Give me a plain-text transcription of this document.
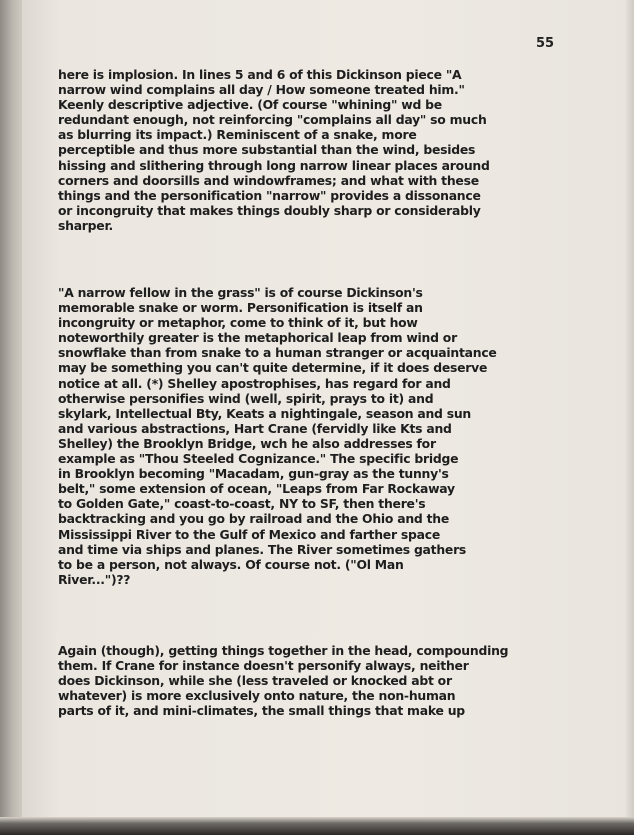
55
here is implosion. In lines 5 and 6 of this Dickinson piece "A
narrow wind complains all day / How someone treated him."
Keenly descriptive adjective. (Of course "whining" wd be
redundant enough, not reinforcing "complains all day" so much
as blurring its impact.) Reminiscent of a snake, more
perceptible and thus more substantial than the wind, besides
hissing and slithering through long narrow linear places around
corners and doorsills and windowframes; and what with these
things and the personification "narrow" provides a dissonance
or incongruity that makes things doubly sharp or considerably
sharper.
"A narrow fellow in the grass" is of course Dickinson's
memorable snake or worm. Personification is itself an
incongruity or metaphor, come to think of it, but how
noteworthily greater is the metaphorical leap from wind or
snowflake than from snake to a human stranger or acquaintance
may be something you can't quite determine, if it does deserve
notice at all. (*) Shelley apostrophises, has regard for and
otherwise personifies wind (well, spirit, prays to it) and
skylark, Intellectual Bty, Keats a nightingale, season and sun
and various abstractions, Hart Crane (fervidly like Kts and
Shelley) the Brooklyn Bridge, wch he also addresses for
example as "Thou Steeled Cognizance." The specific bridge
in Brooklyn becoming "Macadam, gun-gray as the tunny's
belt," some extension of ocean, "Leaps from Far Rockaway
to Golden Gate," coast-to-coast, NY to SF, then there's
backtracking and you go by railroad and the Ohio and the
Mississippi River to the Gulf of Mexico and farther space
and time via ships and planes. The River sometimes gathers
to be a person, not always. Of course not. ("Ol Man
River...")??
Again (though), getting things together in the head, compounding
them. If Crane for instance doesn't personify always, neither
does Dickinson, while she (less traveled or knocked abt or
whatever) is more exclusively onto nature, the non-human
parts of it, and mini-climates, the small things that make up
